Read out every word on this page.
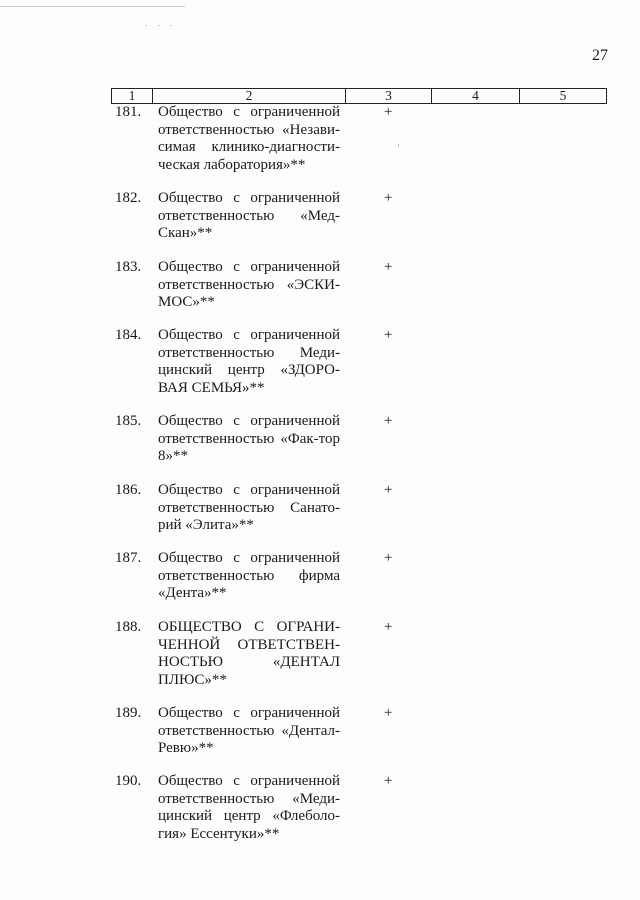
. . .
27
1	2	3	4	5
181. Общество с ограниченной ответственностью «Незави-симая клинико-диагности-ческая лаборатория»**
+
182. Общество с ограниченной ответственностью «Мед-Скан»**
+
183. Общество с ограниченной ответственностью «ЭСКИ-МОС»**
+
184. Общество с ограниченной ответственностью Меди-цинский центр «ЗДОРО-ВАЯ СЕМЬЯ»**
+
185. Общество с ограниченной ответственностью «Фак-тор 8»**
+
186. Общество с ограниченной ответственностью Санато-рий «Элита»**
+
187. Общество с ограниченной ответственностью фирма «Дента»**
+
188. ОБЩЕСТВО С ОГРАНИ-ЧЕННОЙ ОТВЕТСТВЕН-НОСТЬЮ «ДЕНТАЛ ПЛЮС»**
+
189. Общество с ограниченной ответственностью «Дентал-Ревю»**
+
190. Общество с ограниченной ответственностью «Меди-цинский центр «Флеболо-гия» Ессентуки»**
+
'
